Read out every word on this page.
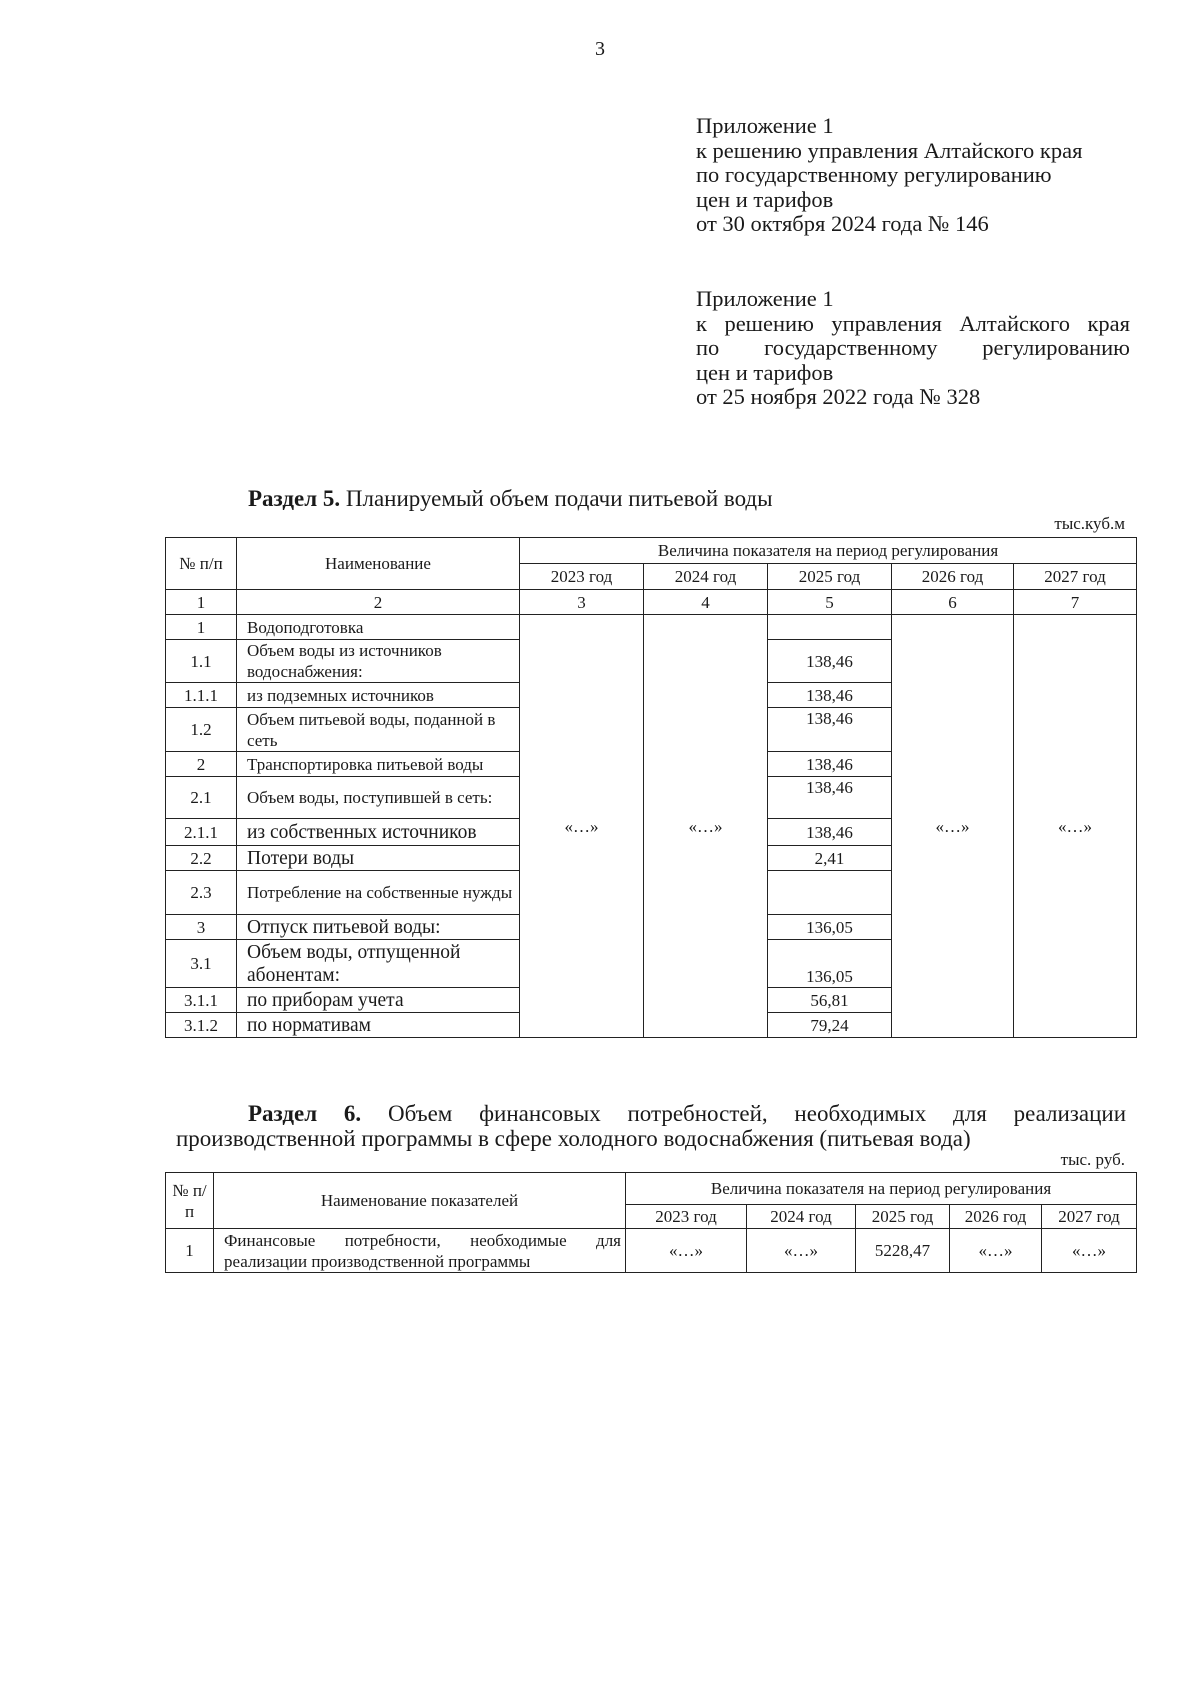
3
Приложение 1
к решению управления Алтайского края
по государственному регулированию
цен и тарифов
от 30 октября 2024 года № 146
Приложение 1
к решению управления Алтайского края
по государственному регулированию
цен и тарифов
от 25 ноября 2022 года № 328
Раздел 5. Планируемый объем подачи питьевой воды
тыс.куб.м
№ п/п	Наименование	Величина показателя на период регулирования				
		2023 год	2024 год	2025 год	2026 год	2027 год
1	2	3	4	5	6	7
1	Водоподготовка	«…»	«…»		«…»	«…»
1.1	Объем воды из источников водоснабжения:			138,46		
1.1.1	из подземных источников			138,46		
1.2	Объем питьевой воды, поданной в сеть			138,46		
2	Транспортировка питьевой воды			138,46		
2.1	Объем воды, поступившей в сеть:			138,46		
2.1.1	из собственных источников			138,46		
2.2	Потери воды			2,41		
2.3	Потребление на собственные нужды					
3	Отпуск питьевой воды:			136,05		
3.1	Объем воды, отпущенной абонентам:			136,05		
3.1.1	по приборам учета			56,81		
3.1.2	по нормативам			79,24		
Раздел 6. Объем финансовых потребностей, необходимых для реализации
производственной программы в сфере холодного водоснабжения (питьевая вода)
тыс. руб.
№ п/п	Наименование показателей	Величина показателя на период регулирования				
		2023 год	2024 год	2025 год	2026 год	2027 год
1	Финансовые потребности, необходимые для реализации производственной программы	«…»	«…»	5228,47	«…»	«…»
